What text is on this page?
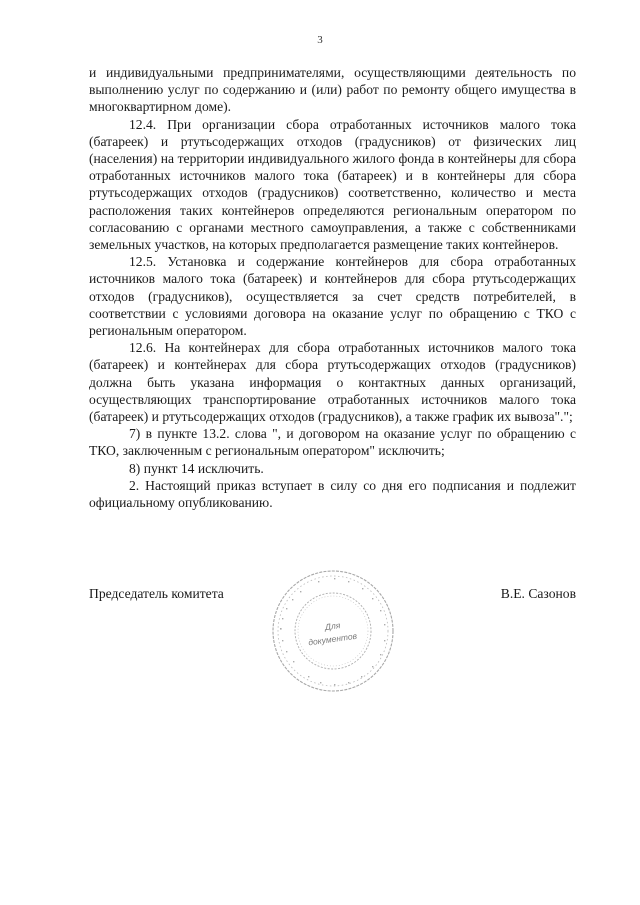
3

и индивидуальными предпринимателями, осуществляющими деятельность по выполнению услуг по содержанию и (или) работ по ремонту общего имущества в многоквартирном доме).

12.4. При организации сбора отработанных источников малого тока (батареек) и ртутьсодержащих отходов (градусников) от физических лиц (населения) на территории индивидуального жилого фонда в контейнеры для сбора отработанных источников малого тока (батареек) и в контейнеры для сбора ртутьсодержащих отходов (градусников) соответственно, количество и места расположения таких контейнеров определяются региональным оператором по согласованию с органами местного самоуправления, а также с собственниками земельных участков, на которых предполагается размещение таких контейнеров.

12.5. Установка и содержание контейнеров для сбора отработанных источников малого тока (батареек) и контейнеров для сбора ртутьсодержащих отходов (градусников), осуществляется за счет средств потребителей, в соответствии с условиями договора на оказание услуг по обращению с ТКО с региональным оператором.

12.6. На контейнерах для сбора отработанных источников малого тока (батареек) и контейнерах для сбора ртутьсодержащих отходов (градусников) должна быть указана информация о контактных данных организаций, осуществляющих транспортирование отработанных источников малого тока (батареек) и ртутьсодержащих отходов (градусников), а также график их вывоза".";

7) в пункте 13.2. слова ", и договором на оказание услуг по обращению с ТКО, заключенным с региональным оператором" исключить;

8) пункт 14 исключить.

2. Настоящий приказ вступает в силу со дня его подписания и подлежит официальному опубликованию.

Председатель комитета	В.Е. Сазонов
Для
документов
